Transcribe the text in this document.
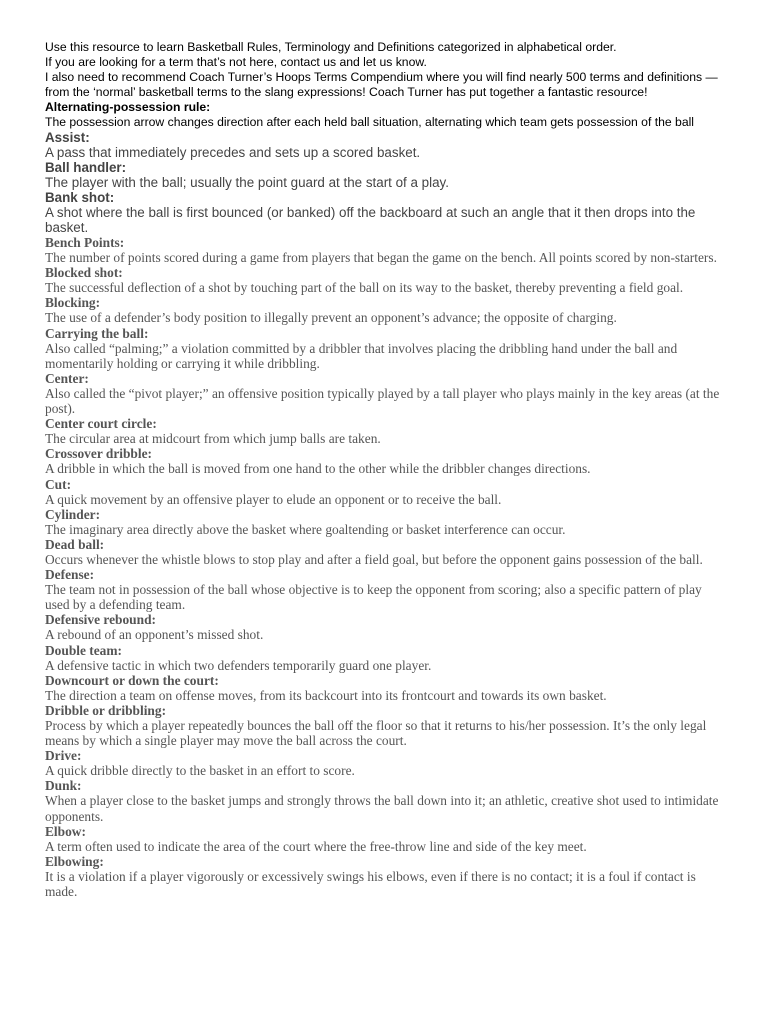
Use this resource to learn Basketball Rules, Terminology and Definitions categorized in alphabetical order.

If you are looking for a term that’s not here, contact us and let us know.

I also need to recommend Coach Turner’s Hoops Terms Compendium where you will find nearly 500 terms and definitions — from the ‘normal’ basketball terms to the slang expressions! Coach Turner has put together a fantastic resource!

Alternating-possession rule:

The possession arrow changes direction after each held ball situation, alternating which team gets possession of the ball

Assist:

A pass that immediately precedes and sets up a scored basket.

Ball handler:

The player with the ball; usually the point guard at the start of a play.

Bank shot:

A shot where the ball is first bounced (or banked) off the backboard at such an angle that it then drops into the basket.

Bench Points:

The number of points scored during a game from players that began the game on the bench. All points scored by non-starters.

Blocked shot:

The successful deflection of a shot by touching part of the ball on its way to the basket, thereby preventing a field goal.

Blocking:

The use of a defender’s body position to illegally prevent an opponent’s advance; the opposite of charging.

Carrying the ball:

Also called “palming;” a violation committed by a dribbler that involves placing the dribbling hand under the ball and momentarily holding or carrying it while dribbling.

Center:

Also called the “pivot player;” an offensive position typically played by a tall player who plays mainly in the key areas (at the post).

Center court circle:

The circular area at midcourt from which jump balls are taken.

Crossover dribble:

A dribble in which the ball is moved from one hand to the other while the dribbler changes directions.

Cut:

A quick movement by an offensive player to elude an opponent or to receive the ball.

Cylinder:

The imaginary area directly above the basket where goaltending or basket interference can occur.

Dead ball:

Occurs whenever the whistle blows to stop play and after a field goal, but before the opponent gains possession of the ball.

Defense:

The team not in possession of the ball whose objective is to keep the opponent from scoring; also a specific pattern of play used by a defending team.

Defensive rebound:

A rebound of an opponent’s missed shot.

Double team:

A defensive tactic in which two defenders temporarily guard one player.

Downcourt or down the court:

The direction a team on offense moves, from its backcourt into its frontcourt and towards its own basket.

Dribble or dribbling:

Process by which a player repeatedly bounces the ball off the floor so that it returns to his/her possession. It’s the only legal means by which a single player may move the ball across the court.

Drive:

A quick dribble directly to the basket in an effort to score.

Dunk:

When a player close to the basket jumps and strongly throws the ball down into it; an athletic, creative shot used to intimidate opponents.

Elbow:

A term often used to indicate the area of the court where the free-throw line and side of the key meet.

Elbowing:

It is a violation if a player vigorously or excessively swings his elbows, even if there is no contact; it is a foul if contact is made.
